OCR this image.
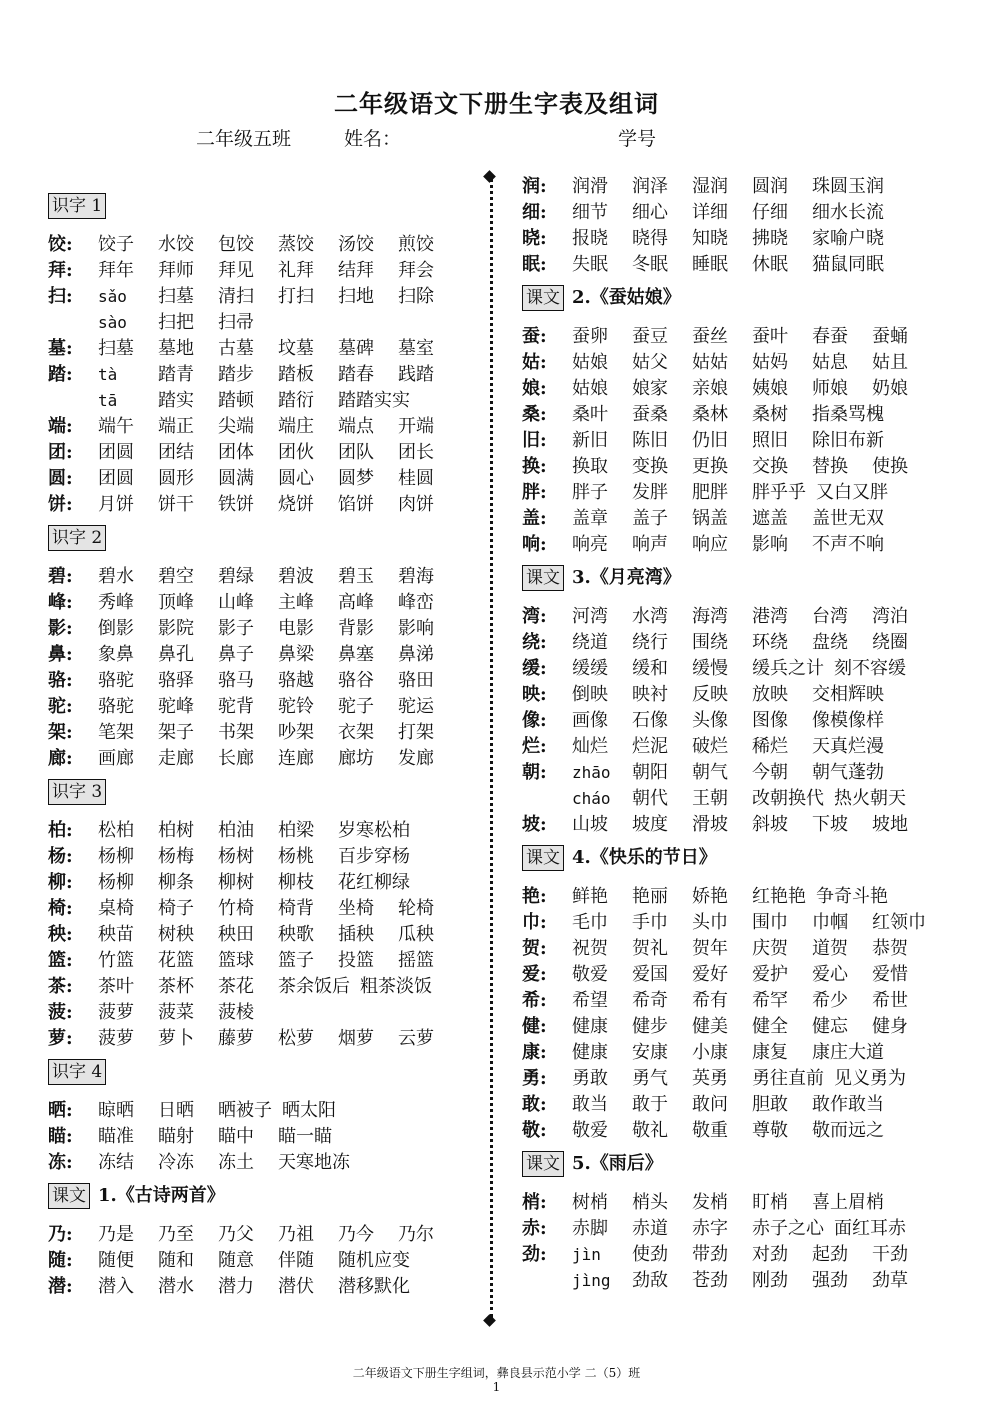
二年级语文下册生字表及组词
二年级五班	姓名：	学号
识字 1
饺:	饺子 水饺 包饺 蒸饺 汤饺 煎饺
拜:	拜年 拜师 拜见 礼拜 结拜 拜会
扫:	sǎo 扫墓 清扫 打扫 扫地 扫除
sào 扫把 扫帚
墓:	扫墓 墓地 古墓 坟墓 墓碑 墓室
踏:	tà 踏青 踏步 踏板 踏春 践踏
tā 踏实 踏顿 踏衍 踏踏实实
端:	端午 端正 尖端 端庄 端点 开端
团:	团圆 团结 团体 团伙 团队 团长
圆:	团圆 圆形 圆满 圆心 圆梦 桂圆
饼:	月饼 饼干 铁饼 烧饼 馅饼 肉饼
识字 2
碧:	碧水 碧空 碧绿 碧波 碧玉 碧海
峰:	秀峰 顶峰 山峰 主峰 高峰 峰峦
影:	倒影 影院 影子 电影 背影 影响
鼻:	象鼻 鼻孔 鼻子 鼻梁 鼻塞 鼻涕
骆:	骆驼 骆驿 骆马 骆越 骆谷 骆田
驼:	骆驼 驼峰 驼背 驼铃 驼子 驼运
架:	笔架 架子 书架 吵架 衣架 打架
廊:	画廊 走廊 长廊 连廊 廊坊 发廊
识字 3
柏:	松柏 柏树 柏油 柏梁 岁寒松柏
杨:	杨柳 杨梅 杨树 杨桃 百步穿杨
柳:	杨柳 柳条 柳树 柳枝 花红柳绿
椅:	桌椅 椅子 竹椅 椅背 坐椅 轮椅
秧:	秧苗 树秧 秧田 秧歌 插秧 瓜秧
篮:	竹篮 花篮 篮球 篮子 投篮 摇篮
茶:	茶叶 茶杯 茶花 茶余饭后 粗茶淡饭
菠:	菠萝 菠菜 菠棱
萝:	菠萝 萝卜 藤萝 松萝 烟萝 云萝
识字 4
晒:	晾晒 日晒 晒被子 晒太阳
瞄:	瞄准 瞄射 瞄中 瞄一瞄
冻:	冻结 冷冻 冻土 天寒地冻
课文 1.《古诗两首》
乃:	乃是 乃至 乃父 乃祖 乃今 乃尔
随:	随便 随和 随意 伴随 随机应变
潜:	潜入 潜水 潜力 潜伏 潜移默化
润:	润滑 润泽 湿润 圆润 珠圆玉润
细:	细节 细心 详细 仔细 细水长流
晓:	报晓 晓得 知晓 拂晓 家喻户晓
眠:	失眠 冬眠 睡眠 休眠 猫鼠同眠
课文 2.《蚕姑娘》
蚕:	蚕卵 蚕豆 蚕丝 蚕叶 春蚕 蚕蛹
姑:	姑娘 姑父 姑姑 姑妈 姑息 姑且
娘:	姑娘 娘家 亲娘 姨娘 师娘 奶娘
桑:	桑叶 蚕桑 桑林 桑树 指桑骂槐
旧:	新旧 陈旧 仍旧 照旧 除旧布新
换:	换取 变换 更换 交换 替换 使换
胖:	胖子 发胖 肥胖 胖乎乎 又白又胖
盖:	盖章 盖子 锅盖 遮盖 盖世无双
响:	响亮 响声 响应 影响 不声不响
课文 3.《月亮湾》
湾:	河湾 水湾 海湾 港湾 台湾 湾泊
绕:	绕道 绕行 围绕 环绕 盘绕 绕圈
缓:	缓缓 缓和 缓慢 缓兵之计 刻不容缓
映:	倒映 映衬 反映 放映 交相辉映
像:	画像 石像 头像 图像 像模像样
烂:	灿烂 烂泥 破烂 稀烂 天真烂漫
朝:	zhāo 朝阳 朝气 今朝 朝气蓬勃
cháo 朝代 王朝 改朝换代 热火朝天
坡:	山坡 坡度 滑坡 斜坡 下坡 坡地
课文 4.《快乐的节日》
艳:	鲜艳 艳丽 娇艳 红艳艳 争奇斗艳
巾:	毛巾 手巾 头巾 围巾 巾帼 红领巾
贺:	祝贺 贺礼 贺年 庆贺 道贺 恭贺
爱:	敬爱 爱国 爱好 爱护 爱心 爱惜
希:	希望 希奇 希有 希罕 希少 希世
健:	健康 健步 健美 健全 健忘 健身
康:	健康 安康 小康 康复 康庄大道
勇:	勇敢 勇气 英勇 勇往直前 见义勇为
敢:	敢当 敢于 敢问 胆敢 敢作敢当
敬:	敬爱 敬礼 敬重 尊敬 敬而远之
课文 5.《雨后》
梢:	树梢 梢头 发梢 盯梢 喜上眉梢
赤:	赤脚 赤道 赤字 赤子之心 面红耳赤
劲:	jìn 使劲 带劲 对劲 起劲 干劲
jìng 劲敌 苍劲 刚劲 强劲 劲草
二年级语文下册生字组词，彝良县示范小学 二（5）班
1
